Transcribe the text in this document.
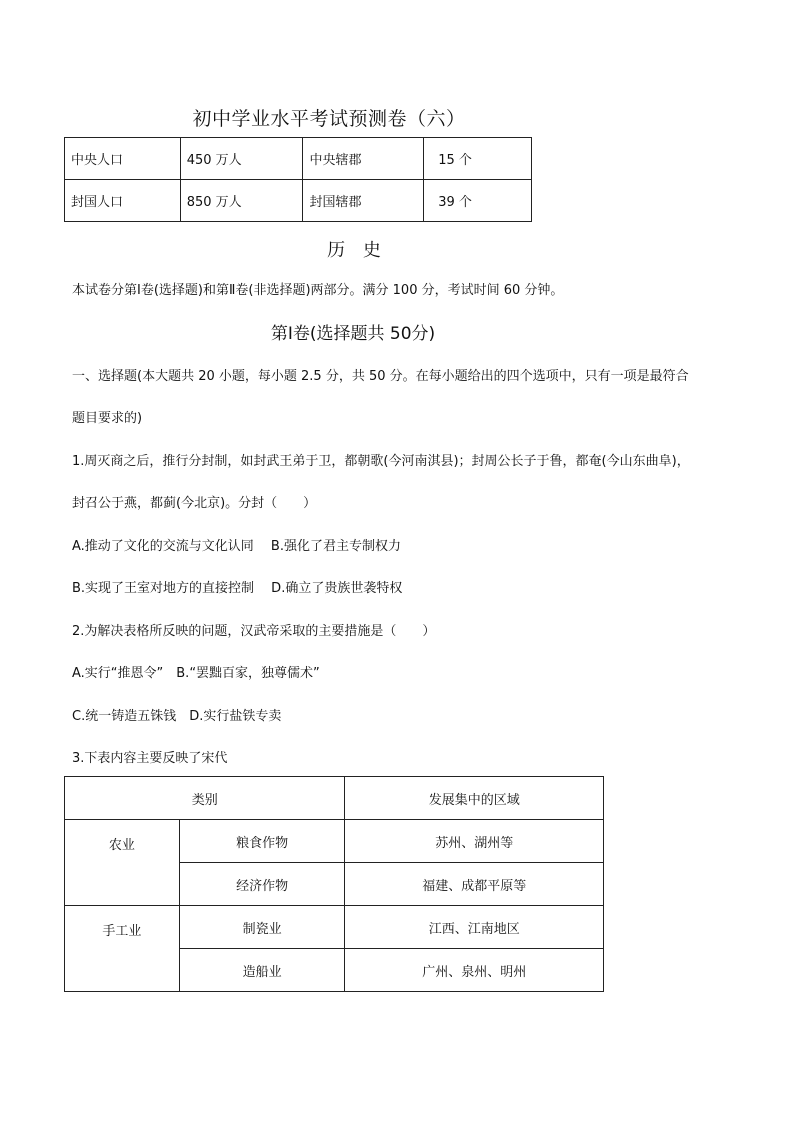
初中学业水平考试预测卷（六）
中央人口	450 万人	中央辖郡	15 个
封国人口	850 万人	封国辖郡	39 个
历 史
本试卷分第Ⅰ卷(选择题)和第Ⅱ卷(非选择题)两部分。满分 100 分，考试时间 60 分钟。
第Ⅰ卷(选择题共 50分)
一、选择题(本大题共 20 小题，每小题 2.5 分，共 50 分。在每小题给出的四个选项中，只有一项是最符合
题目要求的)
1.周灭商之后，推行分封制，如封武王弟于卫，都朝歌(今河南淇县)；封周公长子于鲁，都奄(今山东曲阜)，
封召公于燕，都蓟(今北京)。分封（　　）
A.推动了文化的交流与文化认同　 B.强化了君主专制权力
B.实现了王室对地方的直接控制　 D.确立了贵族世袭特权
2.为解决表格所反映的问题，汉武帝采取的主要措施是（　　）
A.实行“推恩令”　B.“罢黜百家，独尊儒术”
C.统一铸造五铢钱　D.实行盐铁专卖
3.下表内容主要反映了宋代
类别		发展集中的区域
农业	粮食作物	苏州、湖州等
	经济作物	福建、成都平原等
手工业	制瓷业	江西、江南地区
	造船业	广州、泉州、明州
